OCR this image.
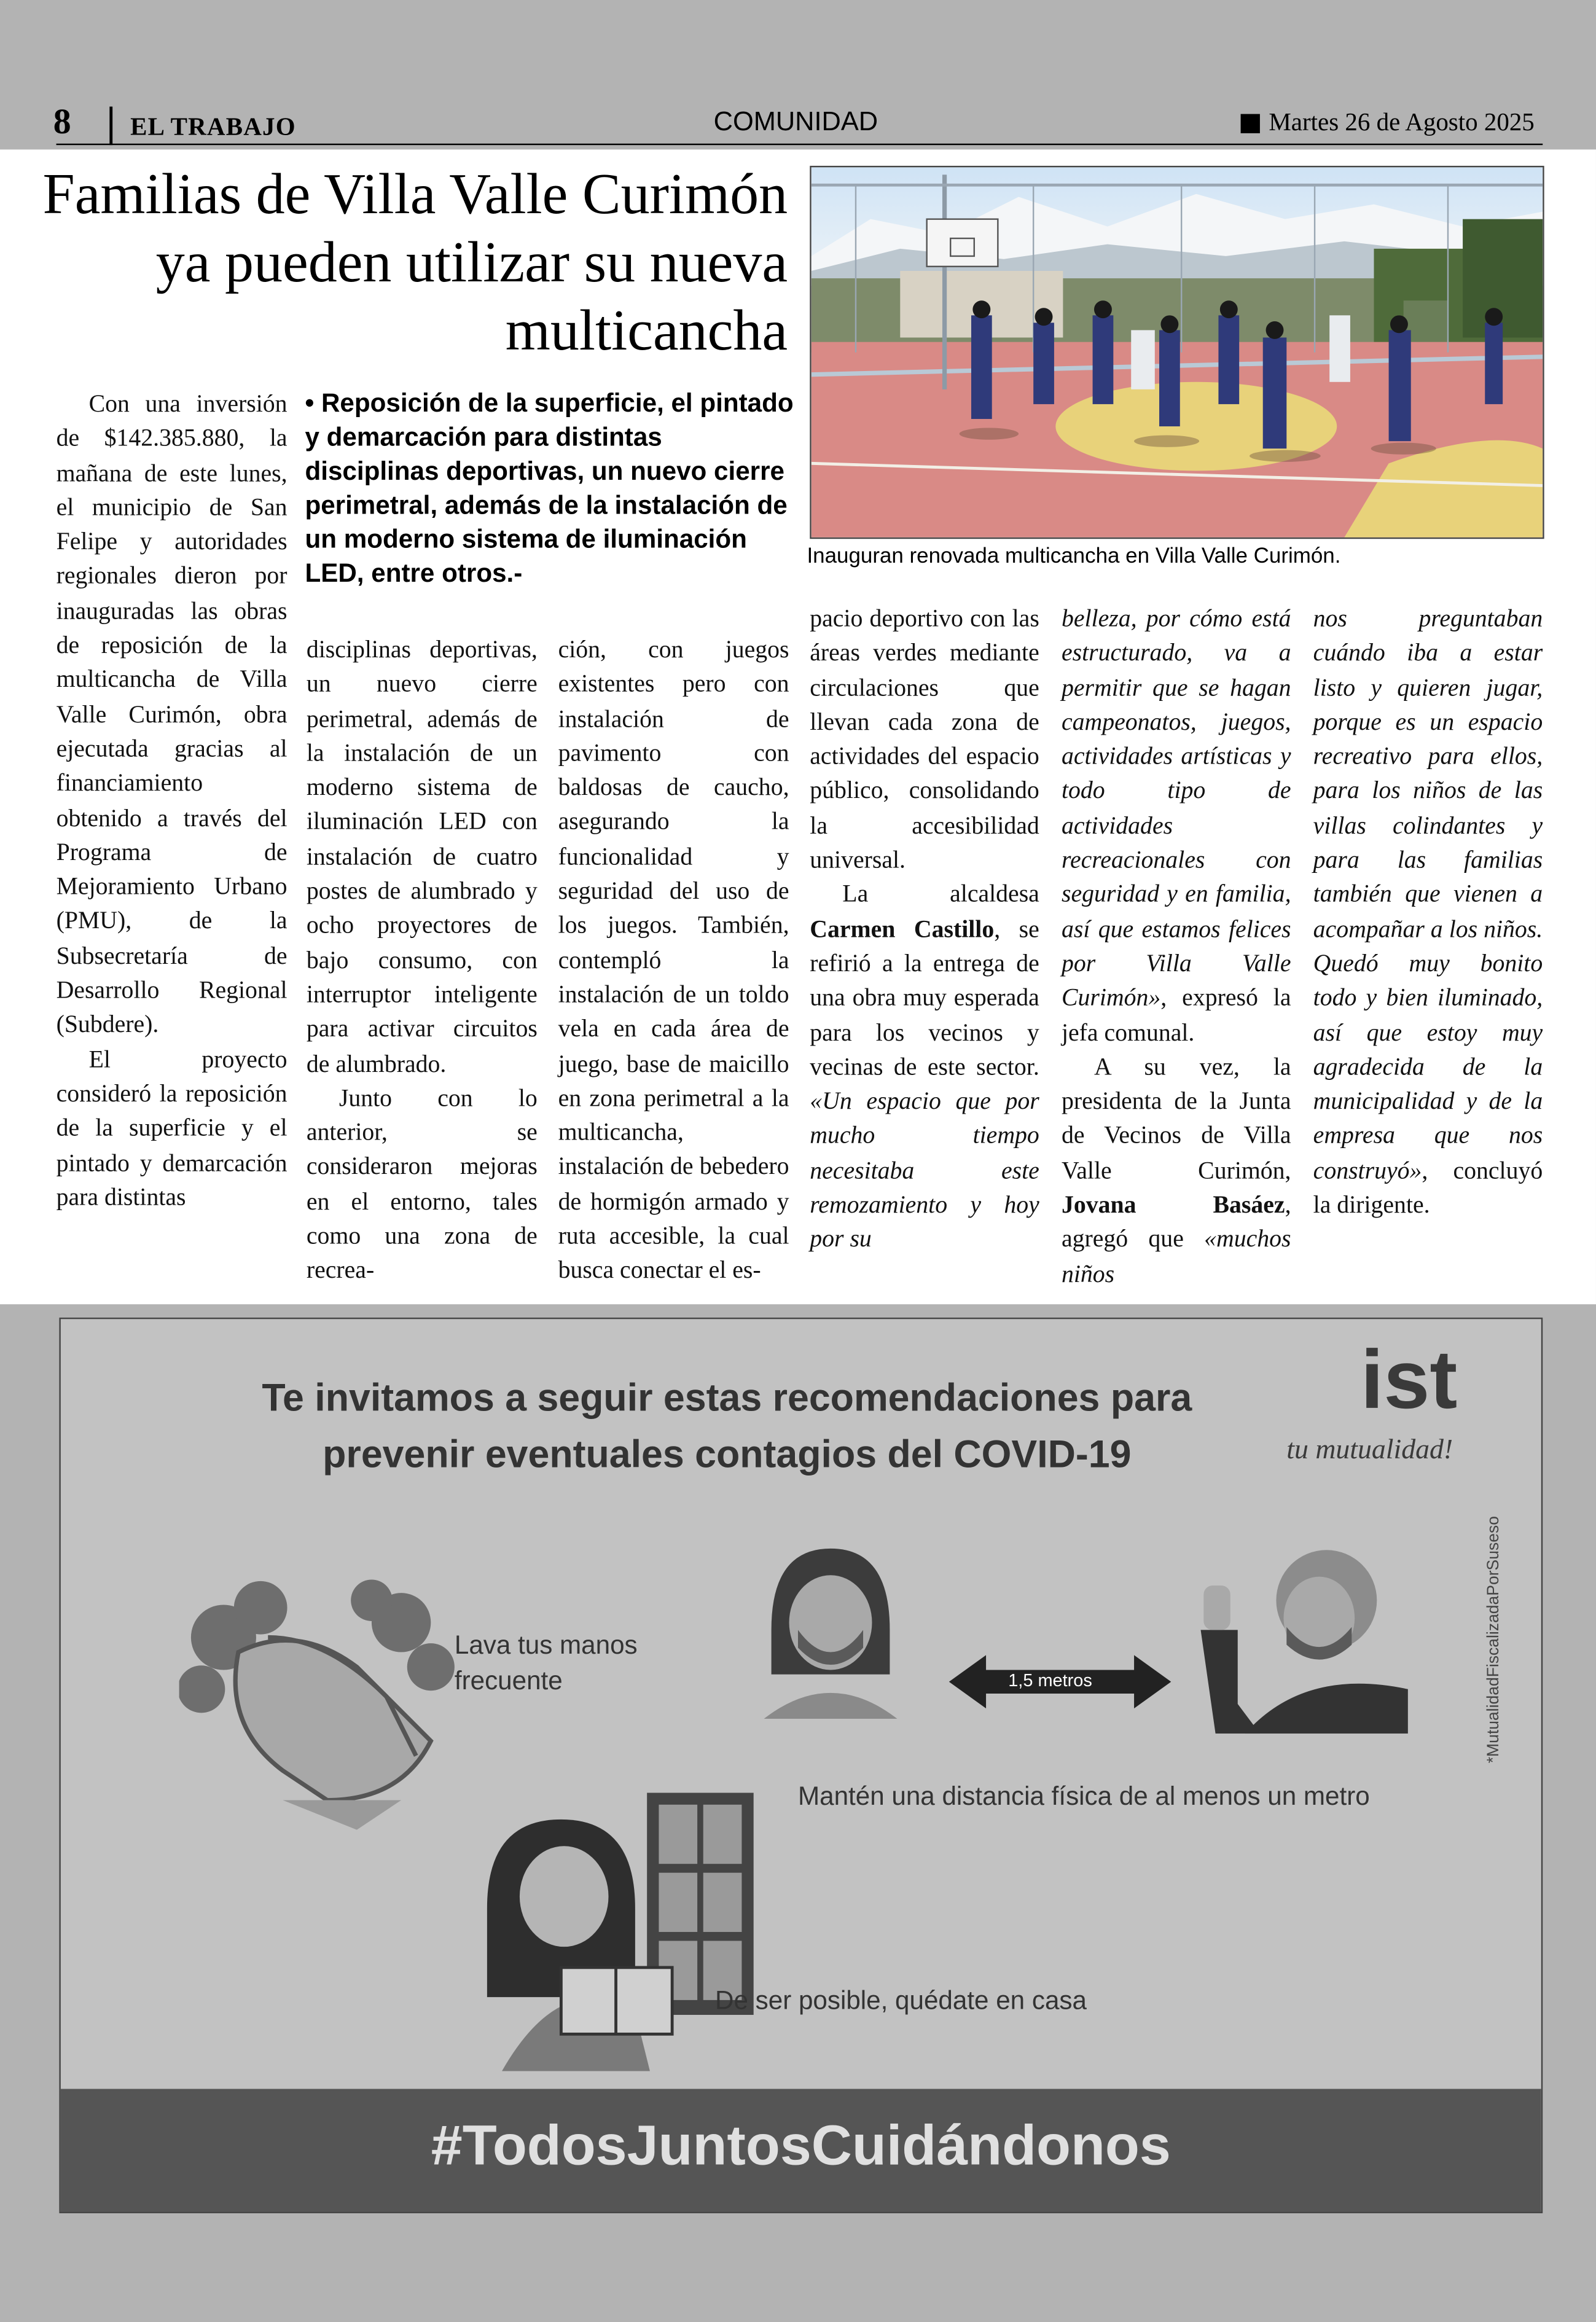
8	EL TRABAJO	COMUNIDAD	Martes 26 de Agosto 2025
Familias de Villa Valle Curimón ya pueden utilizar su nueva multicancha
Inauguran renovada multicancha en Villa Valle Curimón.
• Reposición de la superficie, el pintado y demarcación para distintas disciplinas deportivas, un nuevo cierre perimetral, además de la instalación de un moderno sistema de iluminación LED, entre otros.-

Con una inversión de $142.385.880, la mañana de este lunes, el municipio de San Felipe y autoridades regionales dieron por inauguradas las obras de reposición de la multicancha de Villa Valle Curimón, obra ejecutada gracias al financiamiento obtenido a través del Programa de Mejoramiento Urbano (PMU), de la Subsecretaría de Desarrollo Regional (Subdere).

El proyecto consideró la reposición de la superficie y el pintado y demarcación para distintas

disciplinas deportivas, un nuevo cierre perimetral, además de la instalación de un moderno sistema de iluminación LED con instalación de cuatro postes de alumbrado y ocho proyectores de bajo consumo, con interruptor inteligente para activar circuitos de alumbrado.

Junto con lo anterior, se consideraron mejoras en el entorno, tales como una zona de recrea-

ción, con juegos existentes pero con instalación de pavimento con baldosas de caucho, asegurando la funcionalidad y seguridad del uso de los juegos. También, contempló la instalación de un toldo vela en cada área de juego, base de maicillo en zona perimetral a la multicancha, instalación de bebedero de hormigón armado y ruta accesible, la cual busca conectar el es-

pacio deportivo con las áreas verdes mediante circulaciones que llevan cada zona de actividades del espacio público, consolidando la accesibilidad universal.

La alcaldesa Carmen Castillo, se refirió a la entrega de una obra muy esperada para los vecinos y vecinas de este sector. «Un espacio que por mucho tiempo necesitaba este remozamiento y hoy por su

belleza, por cómo está estructurado, va a permitir que se hagan campeonatos, juegos, actividades artísticas y todo tipo de actividades recreacionales con seguridad y en familia, así que estamos felices por Villa Valle Curimón», expresó la jefa comunal.

A su vez, la presidenta de la Junta de Vecinos de Villa Valle Curimón, Jovana Basáez, agregó que «muchos niños

nos preguntaban cuándo iba a estar listo y quieren jugar, porque es un espacio recreativo para ellos, para los niños de las villas colindantes y para las familias también que vienen a acompañar a los niños. Quedó muy bonito todo y bien iluminado, así que estoy muy agradecida de la municipalidad y de la empresa que nos construyó», concluyó la dirigente.

Te invitamos a seguir estas recomendaciones para prevenir eventuales contagios del COVID-19
ist
tu mutualidad!
Lava tus manos frecuente	1,5 metros
Mantén una distancia física de al menos un metro
De ser posible, quédate en casa
*MutualidadFiscalizadaPorSuseso
#TodosJuntosCuidándonos
